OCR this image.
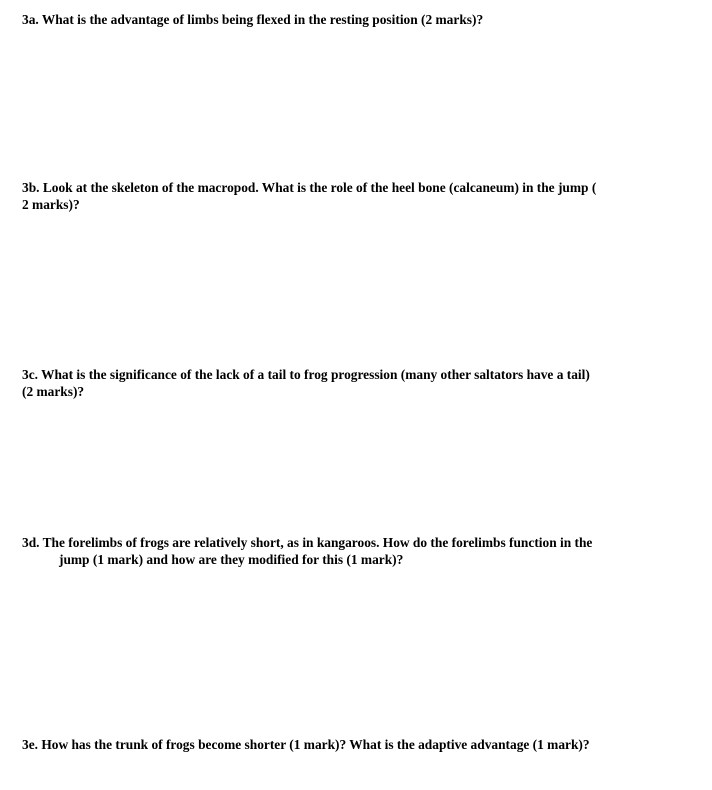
3a. What is the advantage of limbs being flexed in the resting position (2 marks)?
3b. Look at the skeleton of the macropod. What is the role of the heel bone (calcaneum) in the jump (
2 marks)?
3c. What is the significance of the lack of a tail to frog progression (many other saltators have a tail)
(2 marks)?
3d. The forelimbs of frogs are relatively short, as in kangaroos. How do the forelimbs function in the
jump (1 mark) and how are they modified for this (1 mark)?
3e. How has the trunk of frogs become shorter (1 mark)? What is the adaptive advantage (1 mark)?
